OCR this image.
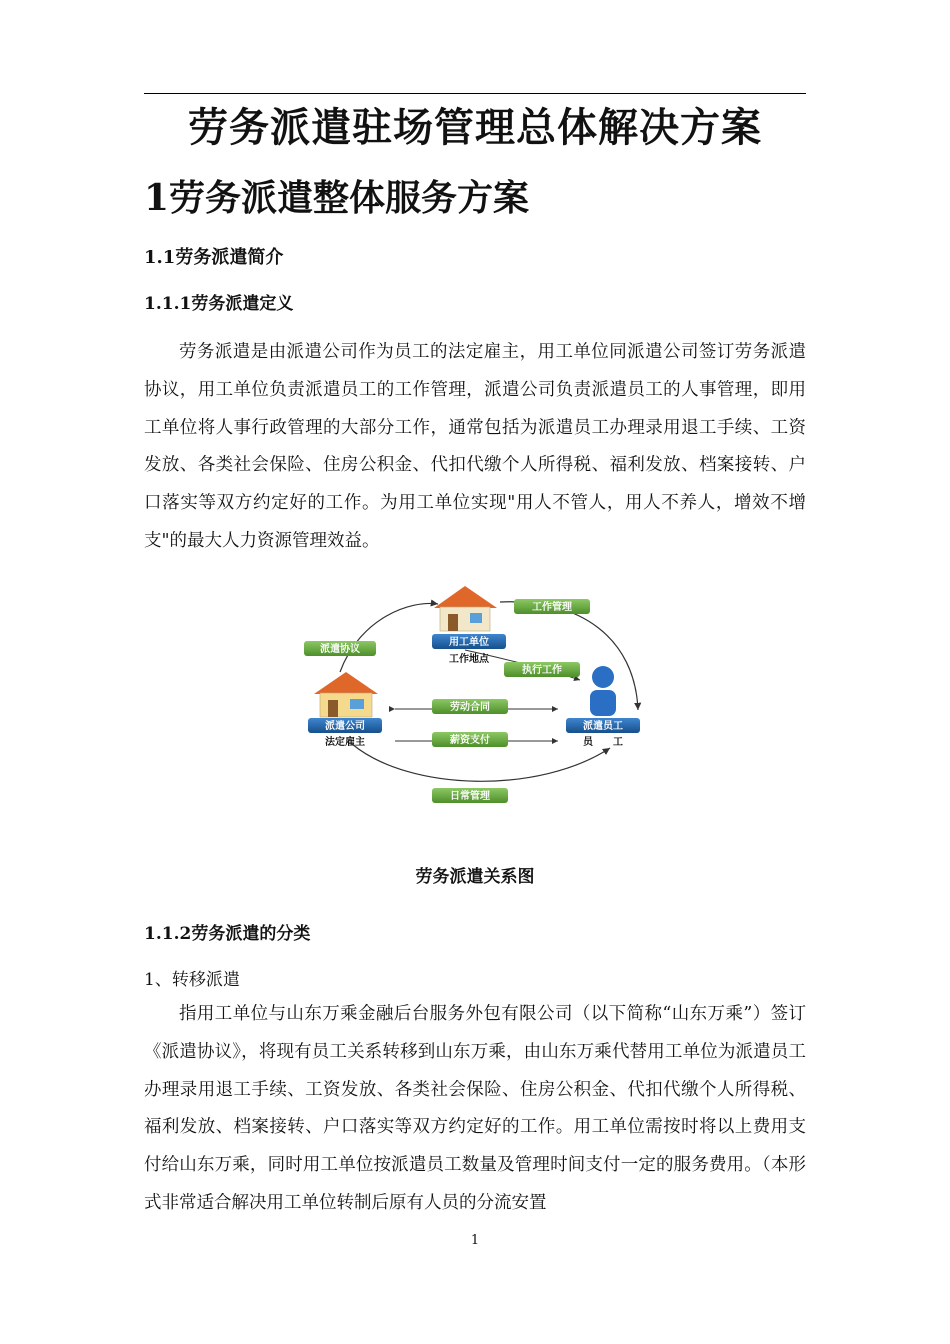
劳务派遣驻场管理总体解决方案
1劳务派遣整体服务方案
1.1劳务派遣简介
1.1.1劳务派遣定义

劳务派遣是由派遣公司作为员工的法定雇主，用工单位同派遣公司签订劳务派遣协议，用工单位负责派遣员工的工作管理，派遣公司负责派遣员工的人事管理，即用工单位将人事行政管理的大部分工作，通常包括为派遣员工办理录用退工手续、工资发放、各类社会保险、住房公积金、代扣代缴个人所得税、福利发放、档案接转、户口落实等双方约定好的工作。为用工单位实现"用人不管人，用人不养人，增效不增支"的最大人力资源管理效益。

用工单位
工作地点
派遣公司
法定雇主
派遣员工
员　　工
派遣协议
工作管理
执行工作
劳动合同
薪资支付
日常管理

劳务派遣关系图

1.1.2劳务派遣的分类

1、转移派遣

指用工单位与山东万乘金融后台服务外包有限公司（以下简称“山东万乘”）签订《派遣协议》，将现有员工关系转移到山东万乘，由山东万乘代替用工单位为派遣员工办理录用退工手续、工资发放、各类社会保险、住房公积金、代扣代缴个人所得税、福利发放、档案接转、户口落实等双方约定好的工作。用工单位需按时将以上费用支付给山东万乘，同时用工单位按派遣员工数量及管理时间支付一定的服务费用。（本形式非常适合解决用工单位转制后原有人员的分流安置

1
